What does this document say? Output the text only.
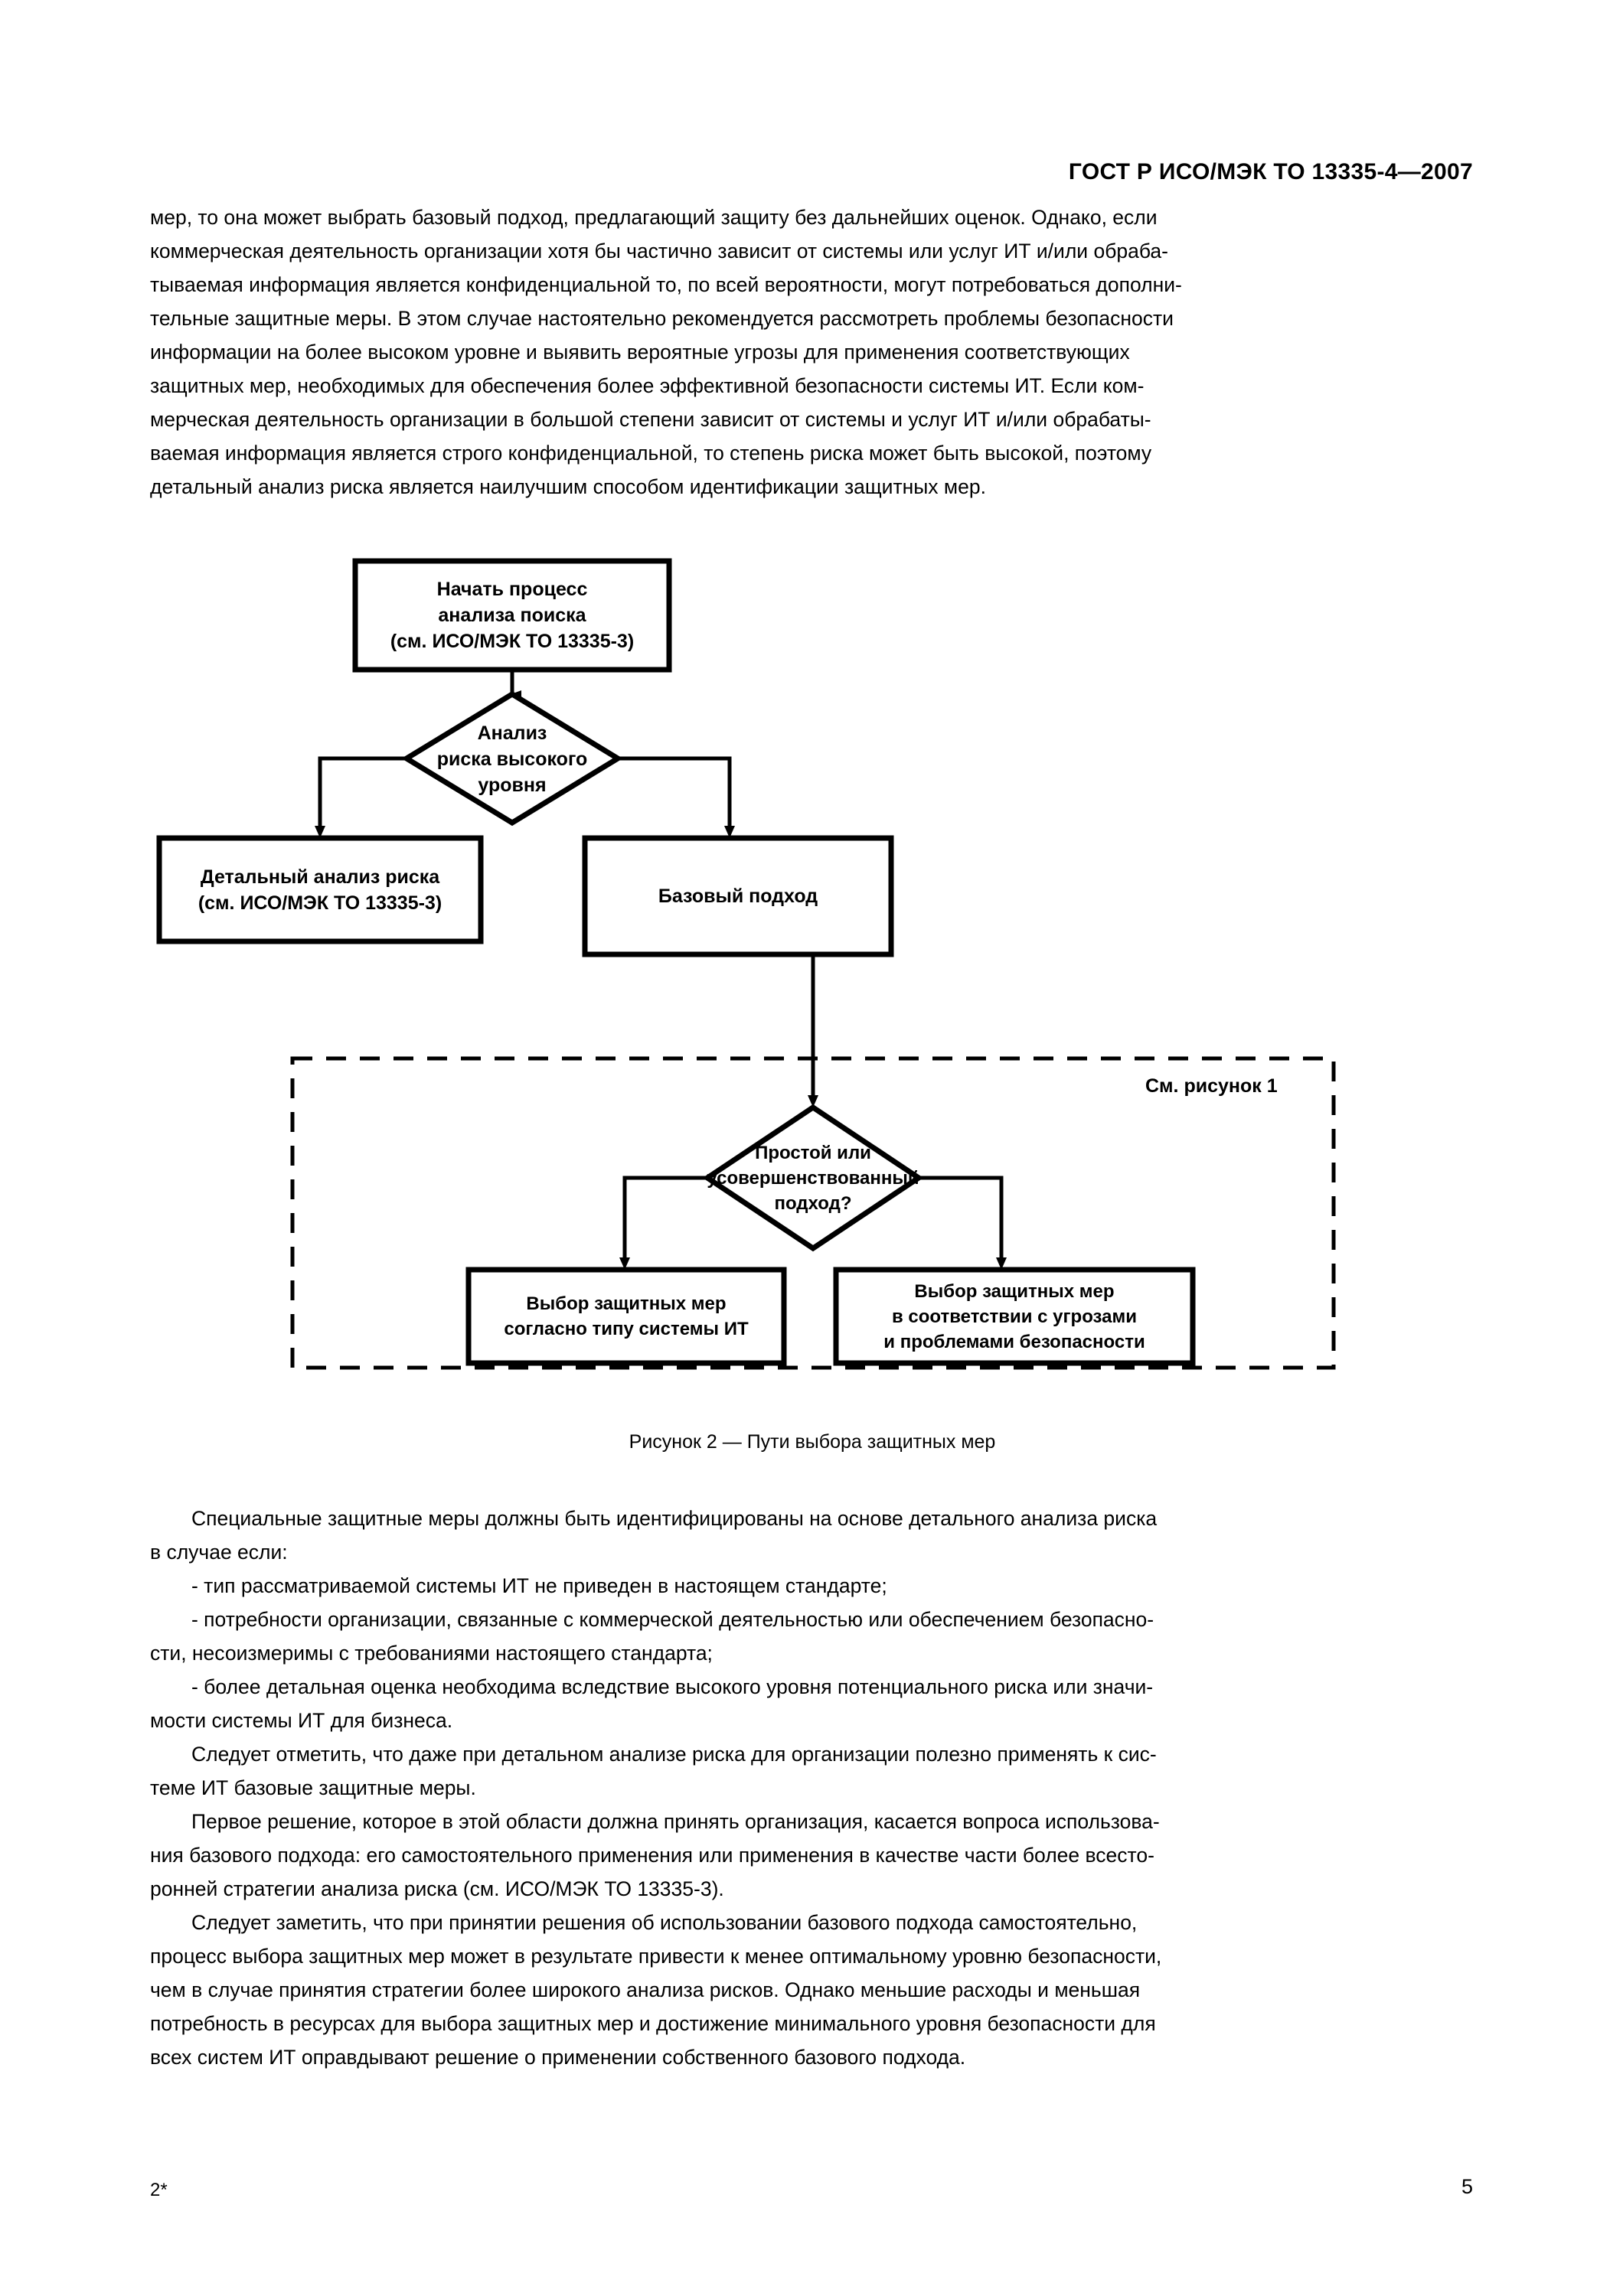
ГОСТ Р ИСО/МЭК ТО 13335-4—2007

мер, то она может выбрать базовый подход, предлагающий защиту без дальнейших оценок. Однако, если
коммерческая деятельность организации хотя бы частично зависит от системы или услуг ИТ и/или обраба-
тываемая информация является конфиденциальной то, по всей вероятности, могут потребоваться дополни-
тельные защитные меры. В этом случае настоятельно рекомендуется рассмотреть проблемы безопасности
информации на более высоком уровне и выявить вероятные угрозы для применения соответствующих
защитных мер, необходимых для обеспечения более эффективной безопасности системы ИТ. Если ком-
мерческая деятельность организации в большой степени зависит от системы и услуг ИТ и/или обрабаты-
ваемая информация является строго конфиденциальной, то степень риска может быть высокой, поэтому
детальный анализ риска является наилучшим способом идентификации защитных мер.

Начать процесс
анализа поиска
(см. ИСО/МЭК ТО 13335-3)
Анализ
риска высокого
уровня
Детальный анализ риска
(см. ИСО/МЭК ТО 13335-3)	Базовый подход
См. рисунок 1
Простой или
усовершенствованный
подход?
Выбор защитных мер
согласно типу системы ИТ
Выбор защитных мер
в соответствии с угрозами
и проблемами безопасности
Рисунок 2 — Пути выбора защитных мер

Специальные защитные меры должны быть идентифицированы на основе детального анализа риска
в случае если:

- тип рассматриваемой системы ИТ не приведен в настоящем стандарте;

- потребности организации, связанные с коммерческой деятельностью или обеспечением безопасно-
сти, несоизмеримы с требованиями настоящего стандарта;

- более детальная оценка необходима вследствие высокого уровня потенциального риска или значи-
мости системы ИТ для бизнеса.

Следует отметить, что даже при детальном анализе риска для организации полезно применять к сис-
теме ИТ базовые защитные меры.

Первое решение, которое в этой области должна принять организация, касается вопроса использова-
ния базового подхода: его самостоятельного применения или применения в качестве части более всесто-
ронней стратегии анализа риска (см. ИСО/МЭК ТО 13335-3).

Следует заметить, что при принятии решения об использовании базового подхода самостоятельно,
процесс выбора защитных мер может в результате привести к менее оптимальному уровню безопасности,
чем в случае принятия стратегии более широкого анализа рисков. Однако меньшие расходы и меньшая
потребность в ресурсах для выбора защитных мер и достижение минимального уровня безопасности для
всех систем ИТ оправдывают решение о применении собственного базового подхода.

2*	5
